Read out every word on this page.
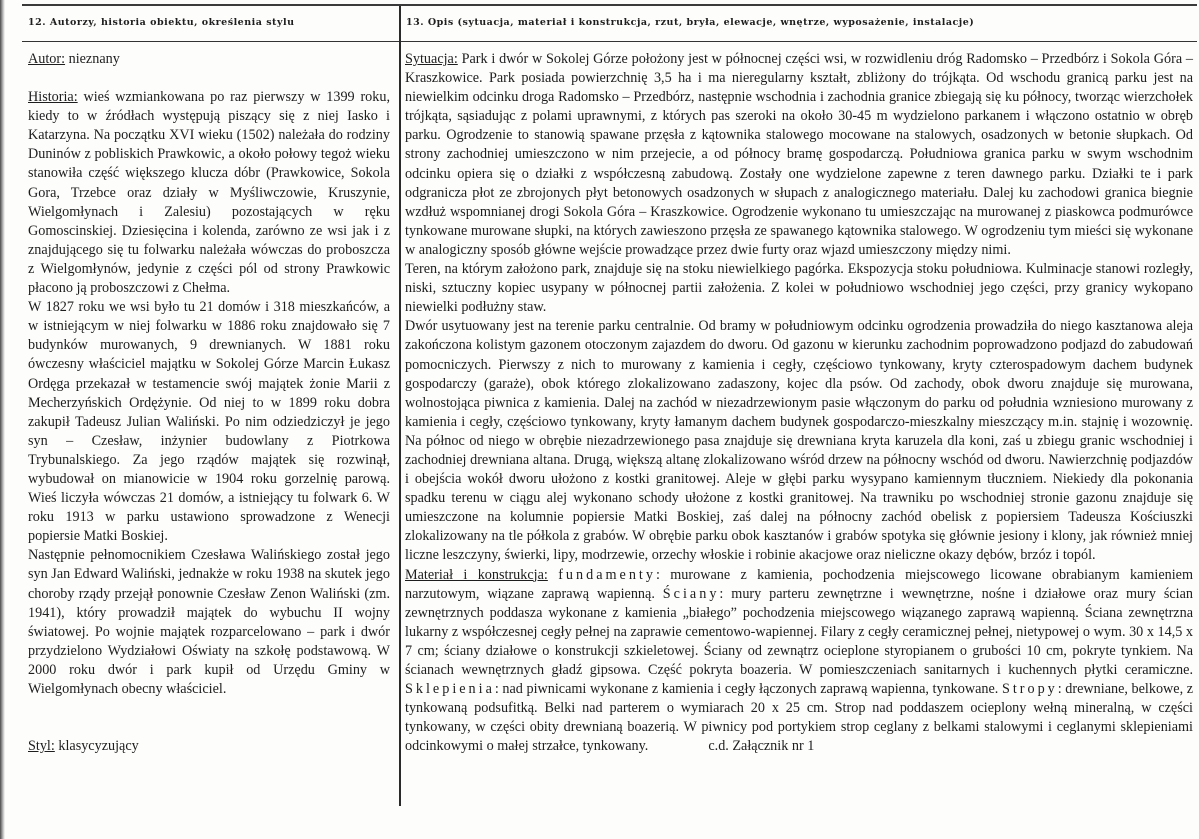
12. Autorzy, historia obiektu, określenia stylu	13. Opis (sytuacja, materiał i konstrukcja, rzut, bryła, elewacje, wnętrze, wyposażenie, instalacje)

Autor: nieznany

Historia: wieś wzmiankowana po raz pierwszy w 1399 roku, kiedy to w źródłach występują piszący się z niej Iasko i Katarzyna. Na początku XVI wieku (1502) należała do rodziny Duninów z pobliskich Prawkowic, a około połowy tegoż wieku stanowiła część większego klucza dóbr (Prawkowice, Sokola Gora, Trzebce oraz działy w Myśliwczowie, Kruszynie, Wielgomłynach i Zalesiu) pozostających w ręku Gomoscinskiej. Dziesięcina i kolenda, zarówno ze wsi jak i z znajdującego się tu folwarku należała wówczas do proboszcza z Wielgomłynów, jedynie z części pól od strony Prawkowic płacono ją proboszczowi z Chełma.

W 1827 roku we wsi było tu 21 domów i 318 mieszkańców, a w istniejącym w niej folwarku w 1886 roku znajdowało się 7 budynków murowanych, 9 drewnianych. W 1881 roku ówczesny właściciel majątku w Sokolej Górze Marcin Łukasz Ordęga przekazał w testamencie swój majątek żonie Marii z Mecherzyńskich Ordężynie. Od niej to w 1899 roku dobra zakupił Tadeusz Julian Waliński. Po nim odziedziczył je jego syn – Czesław, inżynier budowlany z Piotrkowa Trybunalskiego. Za jego rządów majątek się rozwinął, wybudował on mianowicie w 1904 roku gorzelnię parową. Wieś liczyła wówczas 21 domów, a istniejący tu folwark 6. W roku 1913 w parku ustawiono sprowadzone z Wenecji popiersie Matki Boskiej.

Następnie pełnomocnikiem Czesława Walińskiego został jego syn Jan Edward Waliński, jednakże w roku 1938 na skutek jego choroby rządy przejął ponownie Czesław Zenon Waliński (zm. 1941), który prowadził majątek do wybuchu II wojny światowej. Po wojnie majątek rozparcelowano – park i dwór przydzielono Wydziałowi Oświaty na szkołę podstawową. W 2000 roku dwór i park kupił od Urzędu Gminy w Wielgomłynach obecny właściciel.

Styl: klasycyzujący

Sytuacja: Park i dwór w Sokolej Górze położony jest w północnej części wsi, w rozwidleniu dróg Radomsko – Przedbórz i Sokola Góra – Kraszkowice. Park posiada powierzchnię 3,5 ha i ma nieregularny kształt, zbliżony do trójkąta. Od wschodu granicą parku jest na niewielkim odcinku droga Radomsko – Przedbórz, następnie wschodnia i zachodnia granice zbiegają się ku północy, tworząc wierzchołek trójkąta, sąsiadując z polami uprawnymi, z których pas szeroki na około 30-45 m wydzielono parkanem i włączono ostatnio w obręb parku. Ogrodzenie to stanowią spawane przęsła z kątownika stalowego mocowane na stalowych, osadzonych w betonie słupkach. Od strony zachodniej umieszczono w nim przejecie, a od północy bramę gospodarczą. Południowa granica parku w swym wschodnim odcinku opiera się o działki z współczesną zabudową. Zostały one wydzielone zapewne z teren dawnego parku. Działki te i park odgranicza płot ze zbrojonych płyt betonowych osadzonych w słupach z analogicznego materiału. Dalej ku zachodowi granica biegnie wzdłuż wspomnianej drogi Sokola Góra – Kraszkowice. Ogrodzenie wykonano tu umieszczając na murowanej z piaskowca podmurówce tynkowane murowane słupki, na których zawieszono przęsła ze spawanego kątownika stalowego. W ogrodzeniu tym mieści się wykonane w analogiczny sposób główne wejście prowadzące przez dwie furty oraz wjazd umieszczony między nimi.

Teren, na którym założono park, znajduje się na stoku niewielkiego pagórka. Ekspozycja stoku południowa. Kulminacje stanowi rozległy, niski, sztuczny kopiec usypany w północnej partii założenia. Z kolei w południowo wschodniej jego części, przy granicy wykopano niewielki podłużny staw.

Dwór usytuowany jest na terenie parku centralnie. Od bramy w południowym odcinku ogrodzenia prowadziła do niego kasztanowa aleja zakończona kolistym gazonem otoczonym zajazdem do dworu. Od gazonu w kierunku zachodnim poprowadzono podjazd do zabudowań pomocniczych. Pierwszy z nich to murowany z kamienia i cegły, częściowo tynkowany, kryty czterospadowym dachem budynek gospodarczy (garaże), obok którego zlokalizowano zadaszony, kojec dla psów. Od zachody, obok dworu znajduje się murowana, wolnostojąca piwnica z kamienia. Dalej na zachód w niezadrzewionym pasie włączonym do parku od południa wzniesiono murowany z kamienia i cegły, częściowo tynkowany, kryty łamanym dachem budynek gospodarczo-mieszkalny mieszczący m.in. stajnię i wozownię. Na północ od niego w obrębie niezadrzewionego pasa znajduje się drewniana kryta karuzela dla koni, zaś u zbiegu granic wschodniej i zachodniej drewniana altana. Drugą, większą altanę zlokalizowano wśród drzew na północny wschód od dworu. Nawierzchnię podjazdów i obejścia wokół dworu ułożono z kostki granitowej. Aleje w głębi parku wysypano kamiennym tłuczniem. Niekiedy dla pokonania spadku terenu w ciągu alej wykonano schody ułożone z kostki granitowej. Na trawniku po wschodniej stronie gazonu znajduje się umieszczone na kolumnie popiersie Matki Boskiej, zaś dalej na północny zachód obelisk z popiersiem Tadeusza Kościuszki zlokalizowany na tle półkola z grabów. W obrębie parku obok kasztanów i grabów spotyka się głównie jesiony i klony, jak również mniej liczne leszczyny, świerki, lipy, modrzewie, orzechy włoskie i robinie akacjowe oraz nieliczne okazy dębów, brzóz i topól.

Materiał i konstrukcja: fundamenty: murowane z kamienia, pochodzenia miejscowego licowane obrabianym kamieniem narzutowym, wiązane zaprawą wapienną. Ściany: mury parteru zewnętrzne i wewnętrzne, nośne i działowe oraz mury ścian zewnętrznych poddasza wykonane z kamienia „białego” pochodzenia miejscowego wiązanego zaprawą wapienną. Ściana zewnętrzna lukarny z współczesnej cegły pełnej na zaprawie cementowo-wapiennej. Filary z cegły ceramicznej pełnej, nietypowej o wym. 30 x 14,5 x 7 cm; ściany działowe o konstrukcji szkieletowej. Ściany od zewnątrz ocieplone styropianem o grubości 10 cm, pokryte tynkiem. Na ścianach wewnętrznych gładź gipsowa. Część pokryta boazeria. W pomieszczeniach sanitarnych i kuchennych płytki ceramiczne. Sklepienia: nad piwnicami wykonane z kamienia i cegły łączonych zaprawą wapienna, tynkowane. Stropy: drewniane, belkowe, z tynkowaną podsufitką. Belki nad parterem o wymiarach 20 x 25 cm. Strop nad poddaszem ocieplony wełną mineralną, w części tynkowany, w części obity drewnianą boazerią. W piwnicy pod portykiem strop ceglany z belkami stalowymi i ceglanymi sklepieniami odcinkowymi o małej strzałce, tynkowany.	c.d. Załącznik nr 1
